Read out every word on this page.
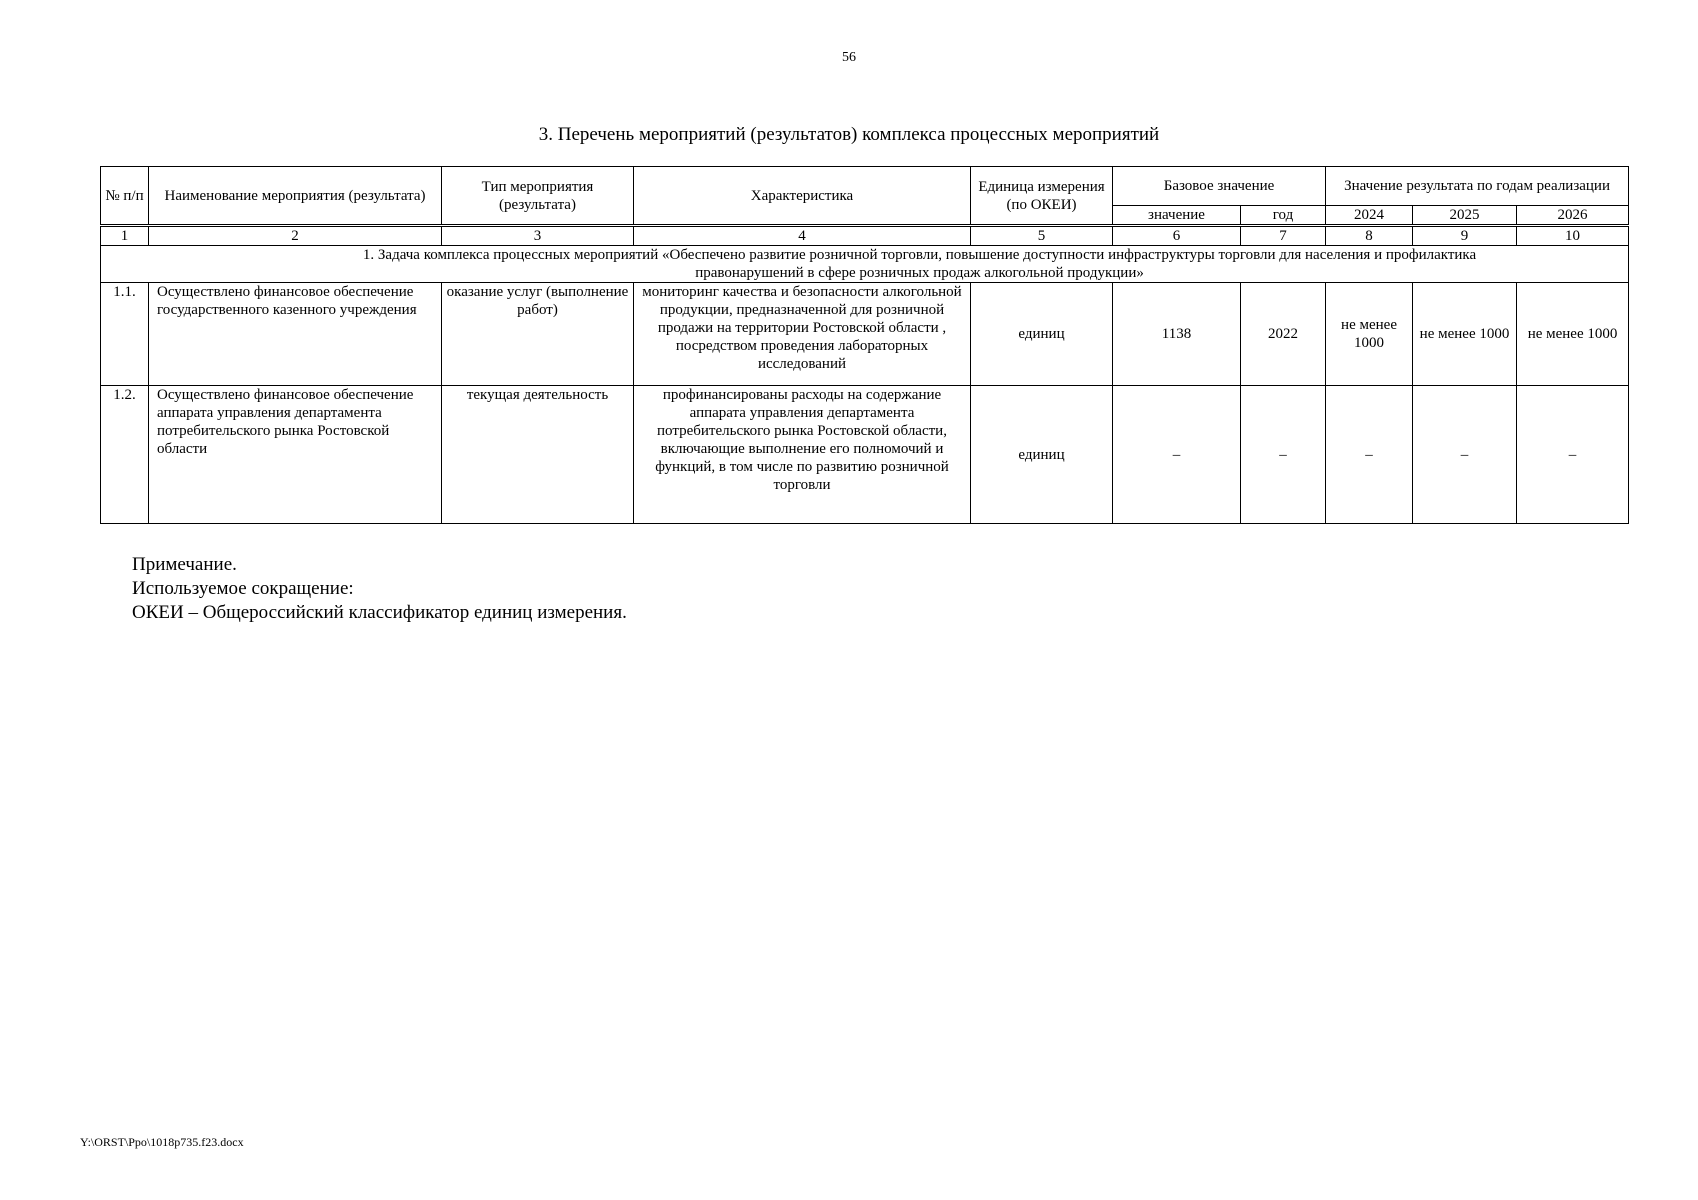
56
3. Перечень мероприятий (результатов) комплекса процессных мероприятий
№ п/п	Наименование мероприятия (результата)	Тип мероприятия (результата)	Характеристика	Единица измерения (по ОКЕИ)	Базовое значение		Значение результата по годам реализации		
					значение	год	2024	2025	2026
1	2	3	4	5	6	7	8	9	10
1. Задача комплекса процессных мероприятий «Обеспечено развитие розничной торговли, повышение доступности инфраструктуры торговли для населения и профилактика правонарушений в сфере розничных продаж алкогольной продукции»									
1.1.	Осуществлено финансовое обеспечение государственного казенного учреждения	оказание услуг (выполнение работ)	мониторинг качества и безопасности алкогольной продукции, предназначенной для розничной продажи на территории Ростовской области , посредством проведения лабораторных исследований	единиц	1138	2022	не менее 1000	не менее 1000	не менее 1000
1.2.	Осуществлено финансовое обеспечение аппарата управления департамента потребительского рынка Ростовской области	текущая деятельность	профинансированы расходы на содержание аппарата управления департамента потребительского рынка Ростовской области, включающие выполнение его полномочий и функций, в том числе по развитию розничной торговли	единиц	–	–	–	–	–
Примечание.
Используемое сокращение:
ОКЕИ – Общероссийский классификатор единиц измерения.
Y:\ORST\Ppo\1018p735.f23.docx
